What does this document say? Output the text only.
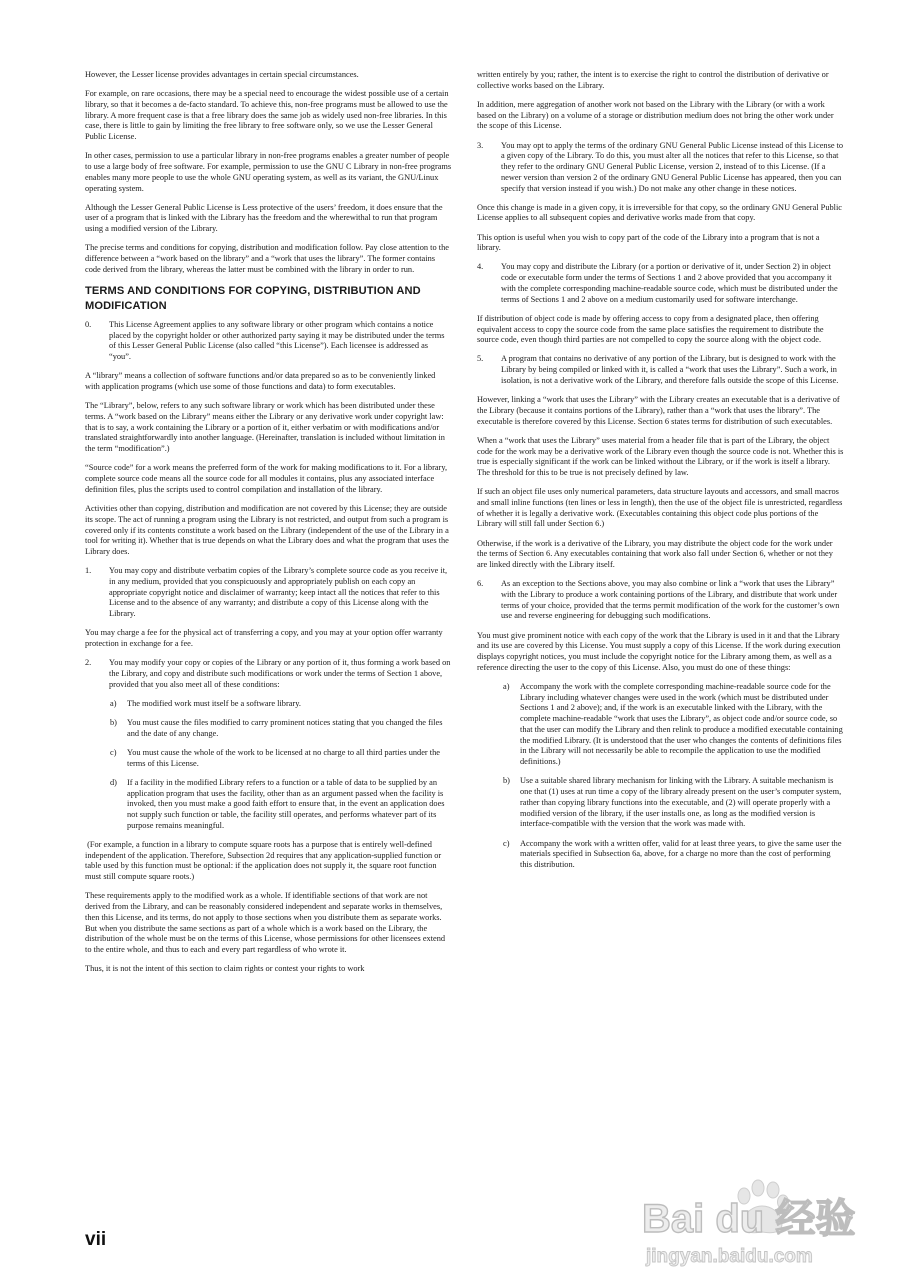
However, the Lesser license provides advantages in certain special circumstances.

For example, on rare occasions, there may be a special need to encourage the widest possible use of a certain library, so that it becomes a de-facto standard. To achieve this, non-free programs must be allowed to use the library. A more frequent case is that a free library does the same job as widely used non-free libraries. In this case, there is little to gain by limiting the free library to free software only, so we use the Lesser General Public License.

In other cases, permission to use a particular library in non-free programs enables a greater number of people to use a large body of free software. For example, permission to use the GNU C Library in non-free programs enables many more people to use the whole GNU operating system, as well as its variant, the GNU/Linux operating system.

Although the Lesser General Public License is Less protective of the users’ freedom, it does ensure that the user of a program that is linked with the Library has the freedom and the wherewithal to run that program using a modified version of the Library.

The precise terms and conditions for copying, distribution and modification follow. Pay close attention to the difference between a “work based on the library” and a “work that uses the library”. The former contains code derived from the library, whereas the latter must be combined with the library in order to run.

TERMS AND CONDITIONS FOR COPYING, DISTRIBUTION AND MODIFICATION
0. This License Agreement applies to any software library or other program which contains a notice placed by the copyright holder or other authorized party saying it may be distributed under the terms of this Lesser General Public License (also called “this License”). Each licensee is addressed as “you”.

A “library” means a collection of software functions and/or data prepared so as to be conveniently linked with application programs (which use some of those functions and data) to form executables.

The “Library”, below, refers to any such software library or work which has been distributed under these terms. A “work based on the Library” means either the Library or any derivative work under copyright law: that is to say, a work containing the Library or a portion of it, either verbatim or with modifications and/or translated straightforwardly into another language. (Hereinafter, translation is included without limitation in the term “modification”.)

“Source code” for a work means the preferred form of the work for making modifications to it. For a library, complete source code means all the source code for all modules it contains, plus any associated interface definition files, plus the scripts used to control compilation and installation of the library.

Activities other than copying, distribution and modification are not covered by this License; they are outside its scope. The act of running a program using the Library is not restricted, and output from such a program is covered only if its contents constitute a work based on the Library (independent of the use of the Library in a tool for writing it). Whether that is true depends on what the Library does and what the program that uses the Library does.

1. You may copy and distribute verbatim copies of the Library’s complete source code as you receive it, in any medium, provided that you conspicuously and appropriately publish on each copy an appropriate copyright notice and disclaimer of warranty; keep intact all the notices that refer to this License and to the absence of any warranty; and distribute a copy of this License along with the Library.

You may charge a fee for the physical act of transferring a copy, and you may at your option offer warranty protection in exchange for a fee.

2. You may modify your copy or copies of the Library or any portion of it, thus forming a work based on the Library, and copy and distribute such modifications or work under the terms of Section 1 above, provided that you also meet all of these conditions:
a) The modified work must itself be a software library.
b) You must cause the files modified to carry prominent notices stating that you changed the files and the date of any change.
c) You must cause the whole of the work to be licensed at no charge to all third parties under the terms of this License.
d) If a facility in the modified Library refers to a function or a table of data to be supplied by an application program that uses the facility, other than as an argument passed when the facility is invoked, then you must make a good faith effort to ensure that, in the event an application does not supply such function or table, the facility still operates, and performs whatever part of its purpose remains meaningful.

(For example, a function in a library to compute square roots has a purpose that is entirely well-defined independent of the application. Therefore, Subsection 2d requires that any application-supplied function or table used by this function must be optional: if the application does not supply it, the square root function must still compute square roots.)

These requirements apply to the modified work as a whole. If identifiable sections of that work are not derived from the Library, and can be reasonably considered independent and separate works in themselves, then this License, and its terms, do not apply to those sections when you distribute them as separate works. But when you distribute the same sections as part of a whole which is a work based on the Library, the distribution of the whole must be on the terms of this License, whose permissions for other licensees extend to the entire whole, and thus to each and every part regardless of who wrote it.

Thus, it is not the intent of this section to claim rights or contest your rights to work

written entirely by you; rather, the intent is to exercise the right to control the distribution of derivative or collective works based on the Library.

In addition, mere aggregation of another work not based on the Library with the Library (or with a work based on the Library) on a volume of a storage or distribution medium does not bring the other work under the scope of this License.

3. You may opt to apply the terms of the ordinary GNU General Public License instead of this License to a given copy of the Library. To do this, you must alter all the notices that refer to this License, so that they refer to the ordinary GNU General Public License, version 2, instead of to this License. (If a newer version than version 2 of the ordinary GNU General Public License has appeared, then you can specify that version instead if you wish.) Do not make any other change in these notices.

Once this change is made in a given copy, it is irreversible for that copy, so the ordinary GNU General Public License applies to all subsequent copies and derivative works made from that copy.

This option is useful when you wish to copy part of the code of the Library into a program that is not a library.

4. You may copy and distribute the Library (or a portion or derivative of it, under Section 2) in object code or executable form under the terms of Sections 1 and 2 above provided that you accompany it with the complete corresponding machine-readable source code, which must be distributed under the terms of Sections 1 and 2 above on a medium customarily used for software interchange.

If distribution of object code is made by offering access to copy from a designated place, then offering equivalent access to copy the source code from the same place satisfies the requirement to distribute the source code, even though third parties are not compelled to copy the source along with the object code.

5. A program that contains no derivative of any portion of the Library, but is designed to work with the Library by being compiled or linked with it, is called a “work that uses the Library”. Such a work, in isolation, is not a derivative work of the Library, and therefore falls outside the scope of this License.

However, linking a “work that uses the Library” with the Library creates an executable that is a derivative of the Library (because it contains portions of the Library), rather than a “work that uses the library”. The executable is therefore covered by this License. Section 6 states terms for distribution of such executables.

When a “work that uses the Library” uses material from a header file that is part of the Library, the object code for the work may be a derivative work of the Library even though the source code is not. Whether this is true is especially significant if the work can be linked without the Library, or if the work is itself a library. The threshold for this to be true is not precisely defined by law.

If such an object file uses only numerical parameters, data structure layouts and accessors, and small macros and small inline functions (ten lines or less in length), then the use of the object file is unrestricted, regardless of whether it is legally a derivative work. (Executables containing this object code plus portions of the Library will still fall under Section 6.)

Otherwise, if the work is a derivative of the Library, you may distribute the object code for the work under the terms of Section 6. Any executables containing that work also fall under Section 6, whether or not they are linked directly with the Library itself.

6. As an exception to the Sections above, you may also combine or link a “work that uses the Library” with the Library to produce a work containing portions of the Library, and distribute that work under terms of your choice, provided that the terms permit modification of the work for the customer’s own use and reverse engineering for debugging such modifications.

You must give prominent notice with each copy of the work that the Library is used in it and that the Library and its use are covered by this License. You must supply a copy of this License. If the work during execution displays copyright notices, you must include the copyright notice for the Library among them, as well as a reference directing the user to the copy of this License. Also, you must do one of these things:

a) Accompany the work with the complete corresponding machine-readable source code for the Library including whatever changes were used in the work (which must be distributed under Sections 1 and 2 above); and, if the work is an executable linked with the Library, with the complete machine-readable “work that uses the Library”, as object code and/or source code, so that the user can modify the Library and then relink to produce a modified executable containing the modified Library. (It is understood that the user who changes the contents of definitions files in the Library will not necessarily be able to recompile the application to use the modified definitions.)
b) Use a suitable shared library mechanism for linking with the Library. A suitable mechanism is one that (1) uses at run time a copy of the library already present on the user’s computer system, rather than copying library functions into the executable, and (2) will operate properly with a modified version of the library, if the user installs one, as long as the modified version is interface-compatible with the version that the work was made with.
c) Accompany the work with a written offer, valid for at least three years, to give the same user the materials specified in Subsection 6a, above, for a charge no more than the cost of performing this distribution.
vii	Bai du 经验
jingyan.baidu.com
